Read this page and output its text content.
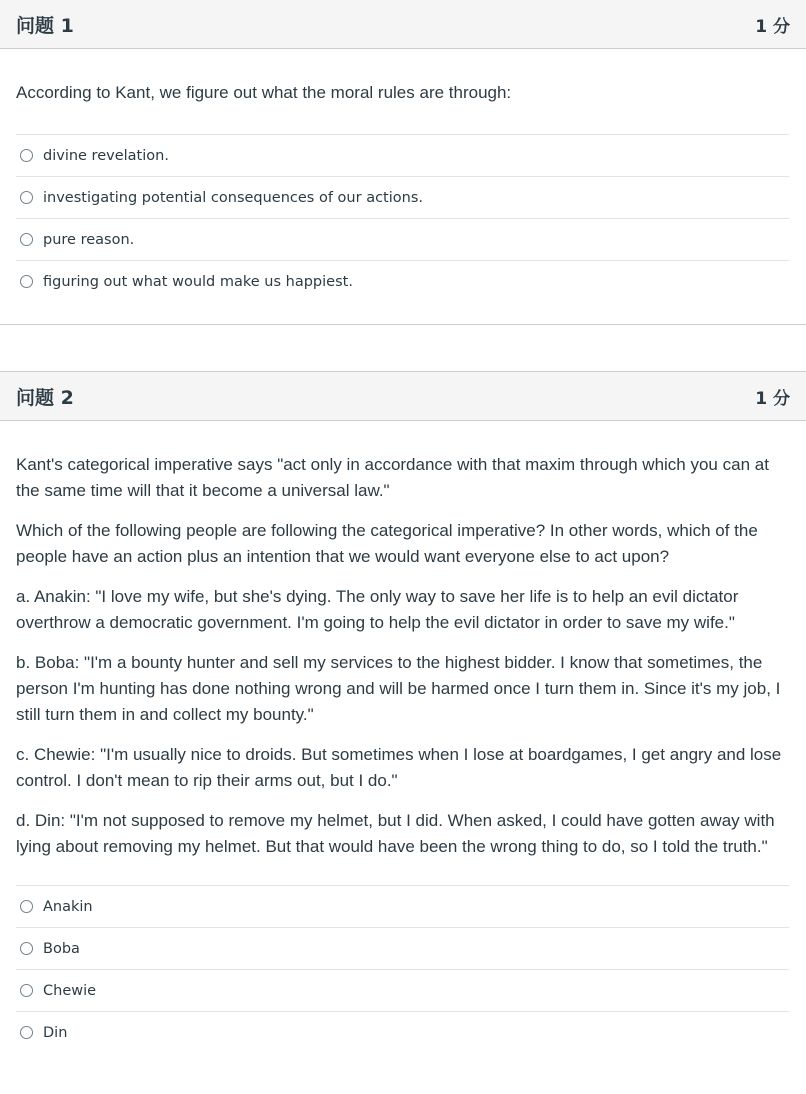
问题 1	1 分

According to Kant, we figure out what the moral rules are through:

divine revelation.
investigating potential consequences of our actions.
pure reason.
figuring out what would make us happiest.
问题 2	1 分

Kant's categorical imperative says "act only in accordance with that maxim through which you can at the same time will that it become a universal law."

Which of the following people are following the categorical imperative? In other words, which of the people have an action plus an intention that we would want everyone else to act upon?

a. Anakin: "I love my wife, but she's dying. The only way to save her life is to help an evil dictator overthrow a democratic government. I'm going to help the evil dictator in order to save my wife."

b. Boba: "I'm a bounty hunter and sell my services to the highest bidder. I know that sometimes, the person I'm hunting has done nothing wrong and will be harmed once I turn them in. Since it's my job, I still turn them in and collect my bounty."

c. Chewie: "I'm usually nice to droids. But sometimes when I lose at boardgames, I get angry and lose control. I don't mean to rip their arms out, but I do."

d. Din: "I'm not supposed to remove my helmet, but I did. When asked, I could have gotten away with lying about removing my helmet. But that would have been the wrong thing to do, so I told the truth."

Anakin
Boba
Chewie
Din
